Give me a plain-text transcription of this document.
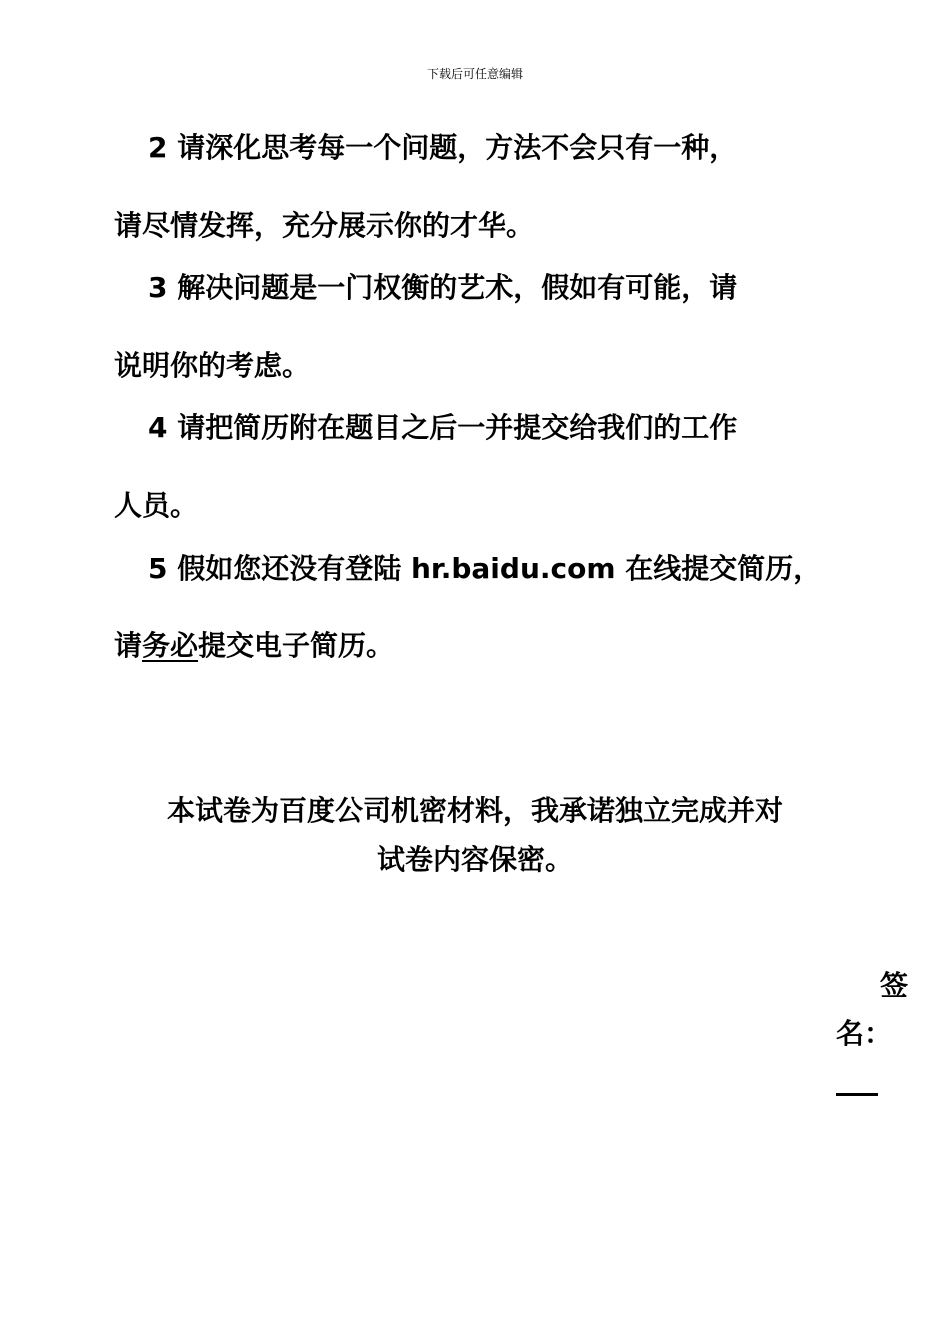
下载后可任意编辑
2 请深化思考每一个问题，方法不会只有一种，
请尽情发挥，充分展示你的才华。
3 解决问题是一门权衡的艺术，假如有可能，请
说明你的考虑。
4 请把简历附在题目之后一并提交给我们的工作
人员。
5 假如您还没有登陆 hr.baidu.com 在线提交简历，
请务必提交电子简历。
本试卷为百度公司机密材料，我承诺独立完成并对
试卷内容保密。
签
名：
